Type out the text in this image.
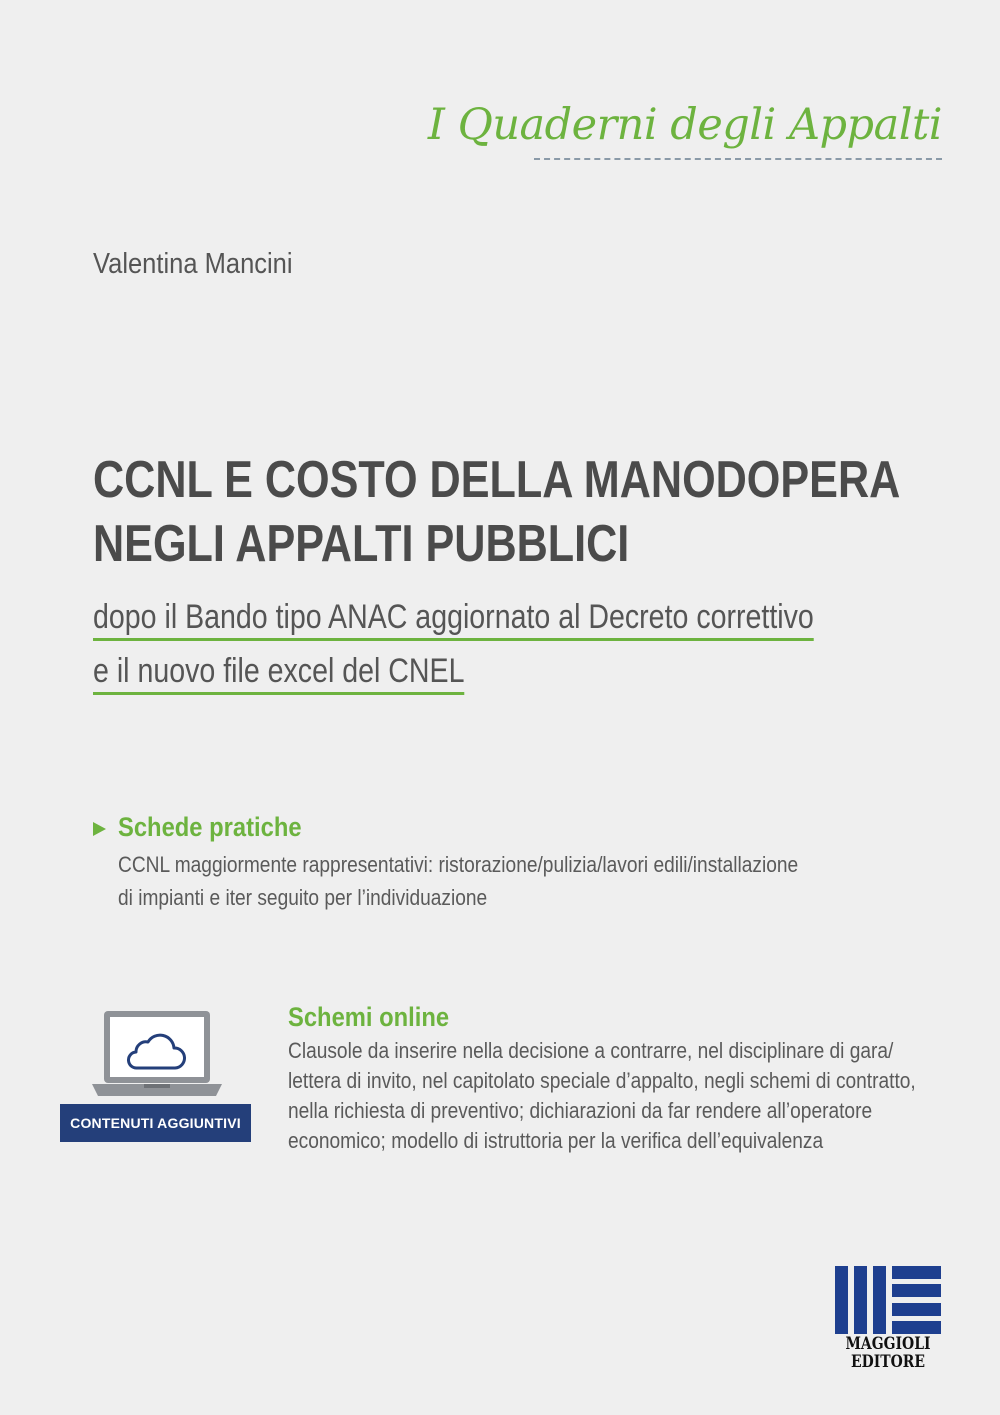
I Quaderni degli Appalti
Valentina Mancini
CCNL E COSTO DELLA MANODOPERA
NEGLI APPALTI PUBBLICI
dopo il Bando tipo ANAC aggiornato al Decreto correttivo
e il nuovo file excel del CNEL
Schede pratiche
CCNL maggiormente rappresentativi: ristorazione/pulizia/lavori edili/installazione
di impianti e iter seguito per l’individuazione
CONTENUTI AGGIUNTIVI
Schemi online
Clausole da inserire nella decisione a contrarre, nel disciplinare di gara/
lettera di invito, nel capitolato speciale d’appalto, negli schemi di contratto,
nella richiesta di preventivo; dichiarazioni da far rendere all’operatore
economico; modello di istruttoria per la verifica dell’equivalenza
MAGGIOLI
EDITORE
